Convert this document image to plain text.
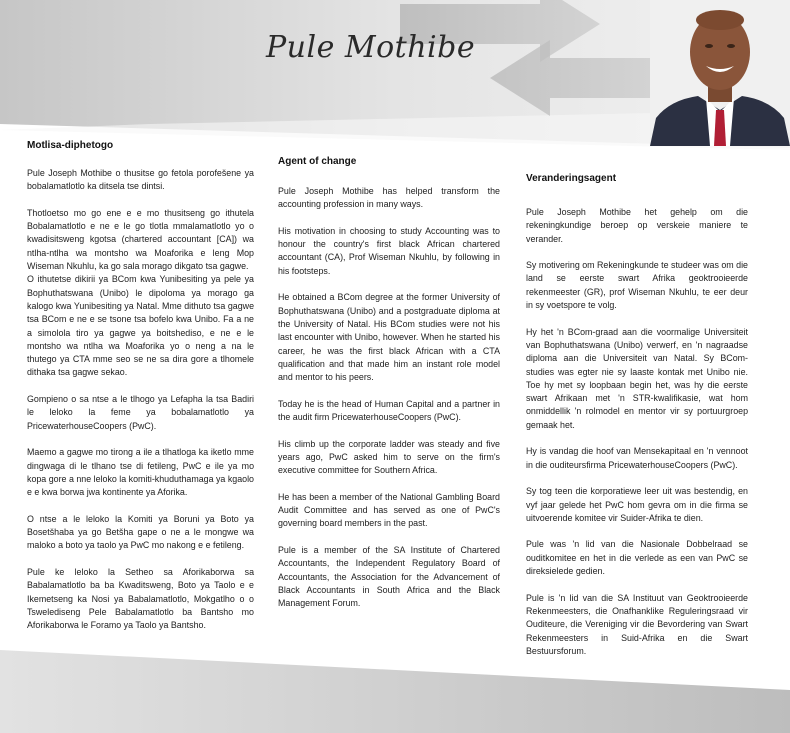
Pule Mothibe
Motlisa-diphetogo

Pule Joseph Mothibe o thusitse go fetola porofešene ya bobalamatlotlo ka ditsela tse dintsi.

Thotloetso mo go ene e e mo thusitseng go ithutela Bobalamatlotlo e ne e le go tlotla mmalamatlotlo yo o kwadisitsweng kgotsa (chartered accountant [CA]) wa ntlha-ntlha wa montsho wa Moaforika e leng Mop Wiseman Nkuhlu, ka go sala morago dikgato tsa gagwe.

O ithutetse dikirii ya BCom kwa Yunibesiting ya pele ya Bophuthatswana (Unibo) le dipoloma ya morago ga kalogo kwa Yunibesiting ya Natal. Mme dithuto tsa gagwe tsa BCom e ne e se tsone tsa bofelo kwa Unibo. Fa a ne a simolola tiro ya gagwe ya boitshediso, e ne e le montsho wa ntlha wa Moaforika yo o neng a na le thutego ya CTA mme seo se ne sa dira gore a tlhomele dithaka tsa gagwe sekao.

Gompieno o sa ntse a le tlhogo ya Lefapha la tsa Badiri le leloko la feme ya bobalamatlotlo ya PricewaterhouseCoopers (PwC).

Maemo a gagwe mo tirong a ile a tlhatloga ka iketlo mme dingwaga di le tlhano tse di fetileng, PwC e ile ya mo kopa gore a nne leloko la komiti-khuduthamaga ya kgaolo e e kwa borwa jwa kontinente ya Aforika.

O ntse a le leloko la Komiti ya Boruni ya Boto ya Bosetšhaba ya go Betšha gape o ne a le mongwe wa maloko a boto ya taolo ya PwC mo nakong e e fetileng.

Pule ke leloko la Setheo sa Aforikaborwa sa Babalamatlotlo ba ba Kwaditsweng, Boto ya Taolo e e Ikemetseng ka Nosi ya Babalamatlotlo, Mokgatlho o o Tswelediseng Pele Babalamatlotlo ba Bantsho mo Aforikaborwa le Foramo ya Taolo ya Bantsho.

Agent of change

Pule Joseph Mothibe has helped transform the accounting profession in many ways.

His motivation in choosing to study Accounting was to honour the country's first black African chartered accountant (CA), Prof Wiseman Nkuhlu, by following in his footsteps.

He obtained a BCom degree at the former University of Bophuthatswana (Unibo) and a postgraduate diploma at the University of Natal. His BCom studies were not his last encounter with Unibo, however. When he started his career, he was the first black African with a CTA qualification and that made him an instant role model and mentor to his peers.

Today he is the head of Human Capital and a partner in the audit firm PricewaterhouseCoopers (PwC).

His climb up the corporate ladder was steady and five years ago, PwC asked him to serve on the firm's executive committee for Southern Africa.

He has been a member of the National Gambling Board Audit Committee and has served as one of PwC's governing board members in the past.

Pule is a member of the SA Institute of Chartered Accountants, the Independent Regulatory Board of Accountants, the Association for the Advancement of Black Accountants in South Africa and the Black Management Forum.

Veranderingsagent

Pule Joseph Mothibe het gehelp om die rekeningkundige beroep op verskeie maniere te verander.

Sy motivering om Rekeningkunde te studeer was om die land se eerste swart Afrika geoktrooieerde rekenmeester (GR), prof Wiseman Nkuhlu, te eer deur in sy voetspore te volg.

Hy het 'n BCom-graad aan die voormalige Universiteit van Bophuthatswana (Unibo) verwerf, en 'n nagraadse diploma aan die Universiteit van Natal. Sy BCom-studies was egter nie sy laaste kontak met Unibo nie. Toe hy met sy loopbaan begin het, was hy die eerste swart Afrikaan met 'n STR-kwalifikasie, wat hom onmiddellik 'n rolmodel en mentor vir sy portuurgroep gemaak het.

Hy is vandag die hoof van Mensekapitaal en 'n vennoot in die ouditeursfirma PricewaterhouseCoopers (PwC).

Sy tog teen die korporatiewe leer uit was bestendig, en vyf jaar gelede het PwC hom gevra om in die firma se uitvoerende komitee vir Suider-Afrika te dien.

Pule was 'n lid van die Nasionale Dobbelraad se ouditkomitee en het in die verlede as een van PwC se direksielede gedien.

Pule is 'n lid van die SA Instituut van Geoktrooieerde Rekenmeesters, die Onafhanklike Reguleringsraad vir Ouditeure, die Vereniging vir die Bevordering van Swart Rekenmeesters in Suid-Afrika en die Swart Bestuursforum.
